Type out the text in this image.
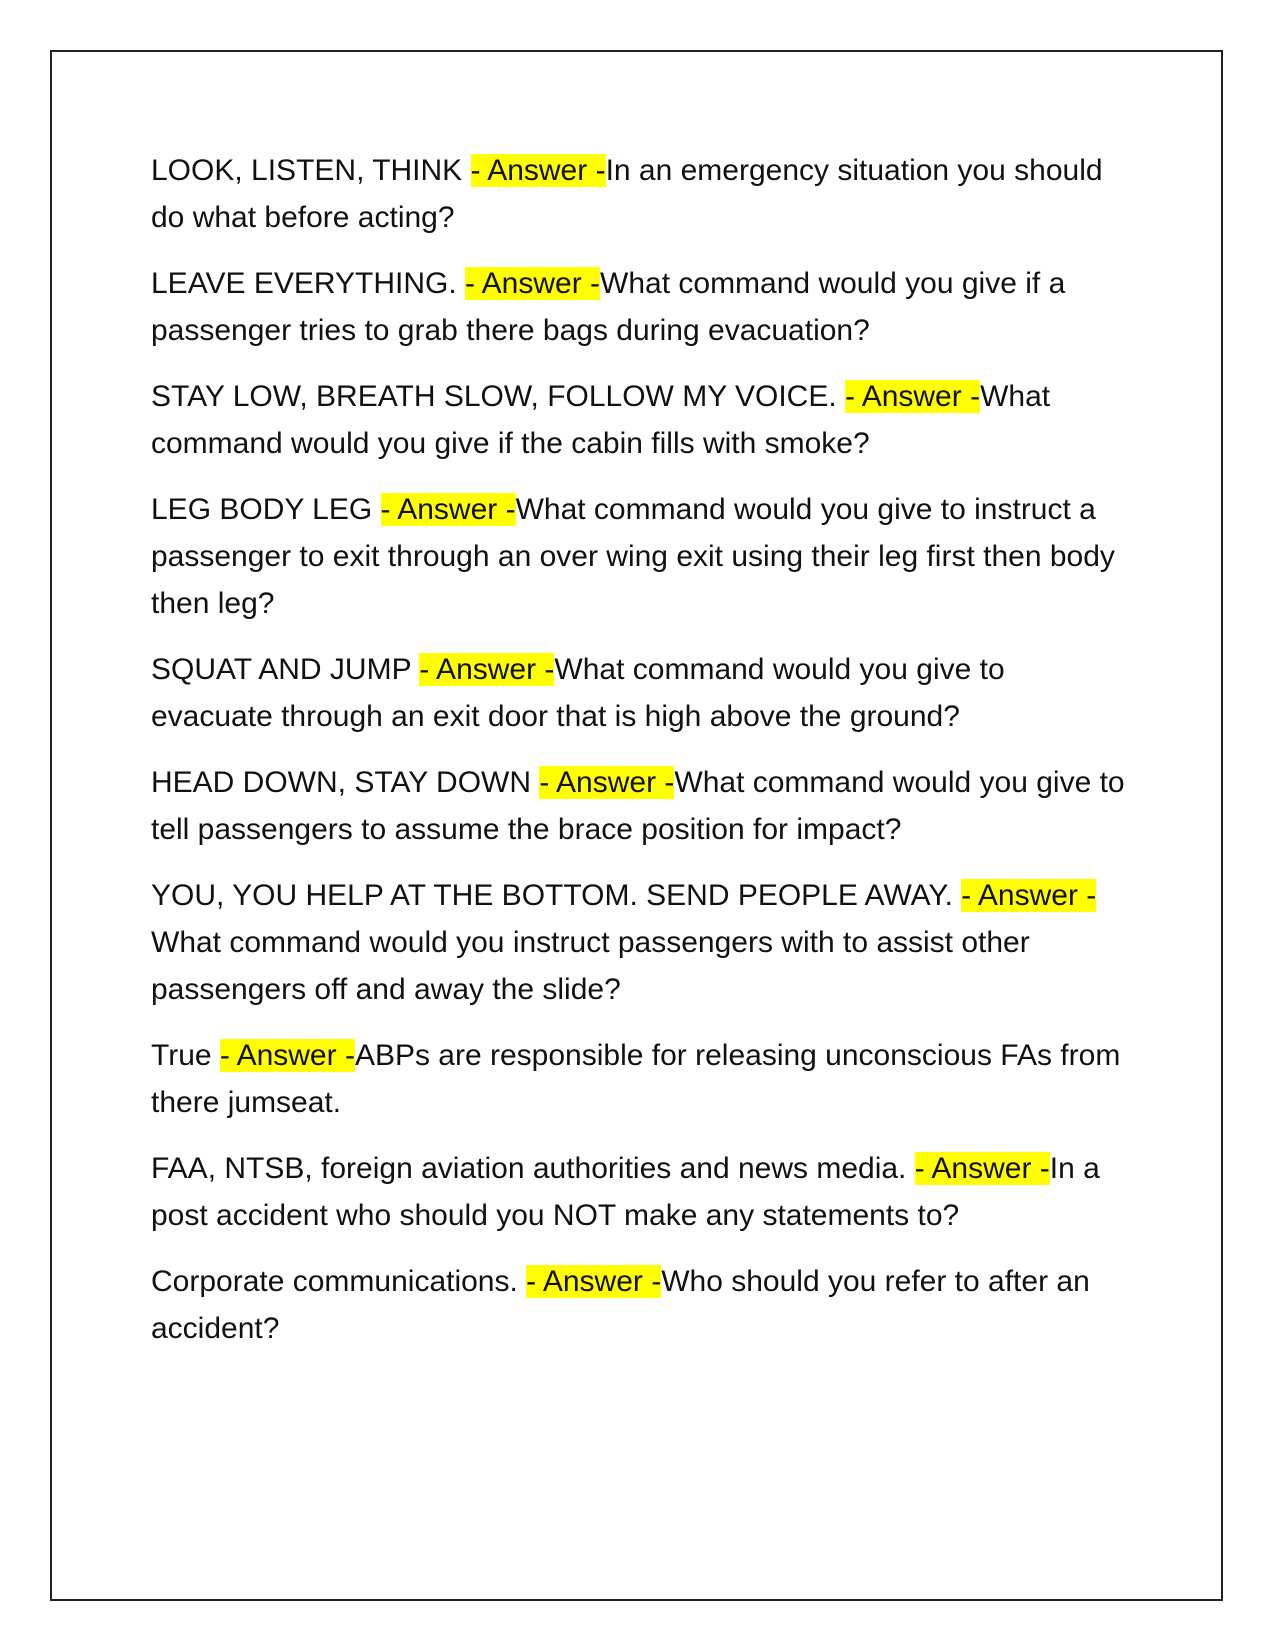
LOOK, LISTEN, THINK - Answer -In an emergency situation you should do what before acting?

LEAVE EVERYTHING. - Answer -What command would you give if a passenger tries to grab there bags during evacuation?

STAY LOW, BREATH SLOW, FOLLOW MY VOICE. - Answer -What command would you give if the cabin fills with smoke?

LEG BODY LEG - Answer -What command would you give to instruct a passenger to exit through an over wing exit using their leg first then body then leg?

SQUAT AND JUMP - Answer -What command would you give to evacuate through an exit door that is high above the ground?

HEAD DOWN, STAY DOWN - Answer -What command would you give to tell passengers to assume the brace position for impact?

YOU, YOU HELP AT THE BOTTOM. SEND PEOPLE AWAY. - Answer -What command would you instruct passengers with to assist other passengers off and away the slide?

True - Answer -ABPs are responsible for releasing unconscious FAs from there jumseat.

FAA, NTSB, foreign aviation authorities and news media. - Answer -In a post accident who should you NOT make any statements to?

Corporate communications. - Answer -Who should you refer to after an accident?
